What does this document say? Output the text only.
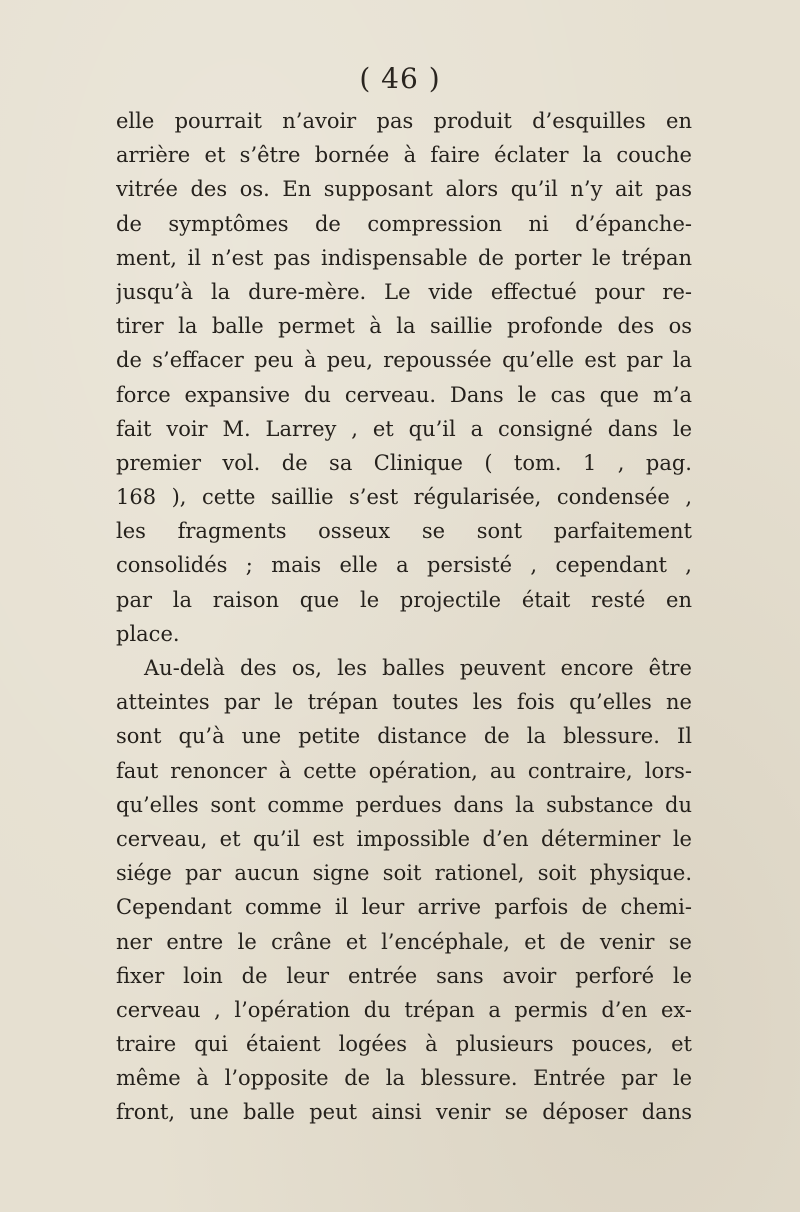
( 46 )
elle pourrait n’avoir pas produit d’esquilles en
arrière et s’être bornée à faire éclater la couche
vitrée des os. En supposant alors qu’il n’y ait pas
de symptômes de compression ni d’épanche-
ment, il n’est pas indispensable de porter le trépan
jusqu’à la dure-mère. Le vide effectué pour re-
tirer la balle permet à la saillie profonde des os
de s’effacer peu à peu, repoussée qu’elle est par la
force expansive du cerveau. Dans le cas que m’a
fait voir M. Larrey , et qu’il a consigné dans le
premier vol. de sa Clinique ( tom. 1 , pag.
168 ), cette saillie s’est régularisée, condensée ,
les fragments osseux se sont parfaitement
consolidés ; mais elle a persisté , cependant ,
par la raison que le projectile était resté en
place.
Au-delà des os, les balles peuvent encore être
atteintes par le trépan toutes les fois qu’elles ne
sont qu’à une petite distance de la blessure. Il
faut renoncer à cette opération, au contraire, lors-
qu’elles sont comme perdues dans la substance du
cerveau, et qu’il est impossible d’en déterminer le
siége par aucun signe soit rationel, soit physique.
Cependant comme il leur arrive parfois de chemi-
ner entre le crâne et l’encéphale, et de venir se
fixer loin de leur entrée sans avoir perforé le
cerveau , l’opération du trépan a permis d’en ex-
traire qui étaient logées à plusieurs pouces, et
même à l’opposite de la blessure. Entrée par le
front, une balle peut ainsi venir se déposer dans
